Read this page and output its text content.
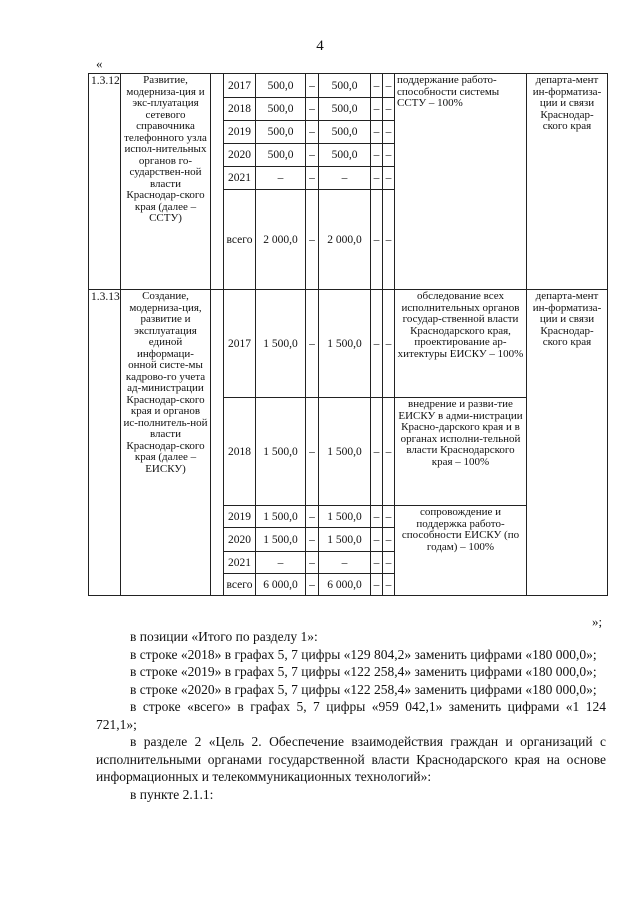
4
«
1.3.12	Развитие, модерниза-ция и экс-плуатация сетевого справочника телефонного узла испол-нительных органов го-сударствен-ной власти Краснодар-ского края (далее – ССТУ)		2017	500,0	–	500,0	–	–	поддержание работо-способности системы ССТУ – 100%	департа-мент ин-форматиза-ции и связи Краснодар-ского края
			2018	500,0	–	500,0	–	–		
			2019	500,0	–	500,0	–	–		
			2020	500,0	–	500,0	–	–		
			2021	–	–	–	–	–		
			всего	2 000,0	–	2 000,0	–	–		
1.3.13	Создание, модерниза-ция, развитие и эксплуатация единой информаци-онной систе-мы кадрово-го учета ад-министрации Краснодар-ского края и органов ис-полнитель-ной власти Краснодар-ского края (далее – ЕИСКУ)		2017	1 500,0	–	1 500,0	–	–	обследование всех исполнительных органов государ-ственной власти Краснодарского края, проектирование ар-хитектуры ЕИСКУ – 100%	департа-мент ин-форматиза-ции и связи Краснодар-ского края
			2018	1 500,0	–	1 500,0	–	–	внедрение и разви-тие ЕИСКУ в адми-нистрации Красно-дарского края и в органах исполни-тельной власти Краснодарского края – 100%	
			2019	1 500,0	–	1 500,0	–	–	сопровождение и поддержка работо-способности ЕИСКУ (по годам) – 100%	
			2020	1 500,0	–	1 500,0	–	–		
			2021	–	–	–	–	–		
			всего	6 000,0	–	6 000,0	–	–		
»;

в позиции «Итого по разделу 1»:

в строке «2018» в графах 5, 7 цифры «129 804,2» заменить цифрами «180 000,0»;

в строке «2019» в графах 5, 7 цифры «122 258,4» заменить цифрами «180 000,0»;

в строке «2020» в графах 5, 7 цифры «122 258,4» заменить цифрами «180 000,0»;

в строке «всего» в графах 5, 7 цифры «959 042,1» заменить цифрами «1 124 721,1»;

в разделе 2 «Цель 2. Обеспечение взаимодействия граждан и организаций с исполнительными органами государственной власти Краснодарского края на основе информационных и телекоммуникационных технологий»:

в пункте 2.1.1:
